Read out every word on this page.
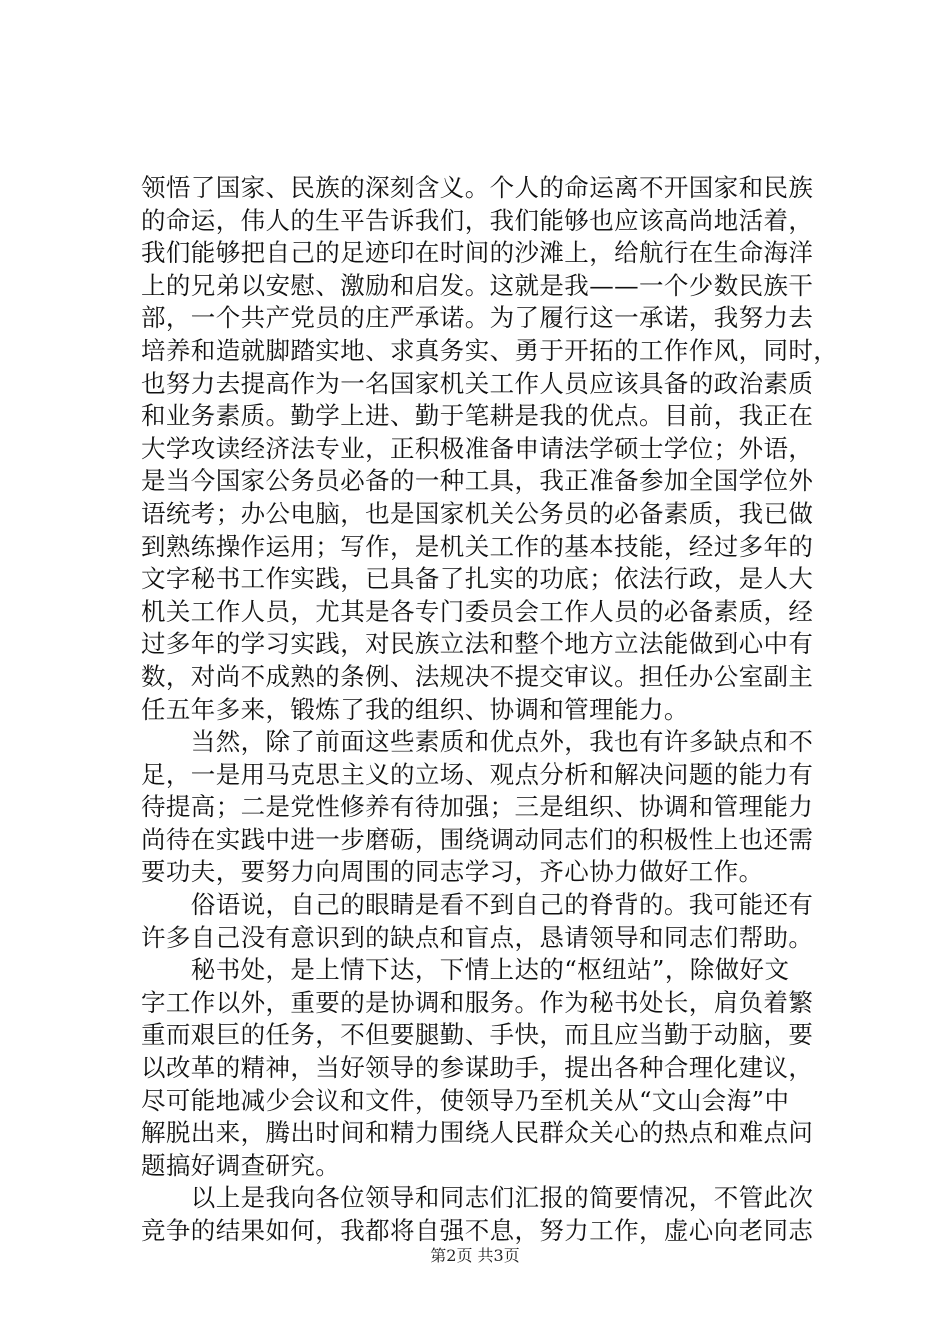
领悟了国家、民族的深刻含义。个人的命运离不开国家和民族
的命运，伟人的生平告诉我们，我们能够也应该高尚地活着，
我们能够把自己的足迹印在时间的沙滩上，给航行在生命海洋
上的兄弟以安慰、激励和启发。这就是我——一个少数民族干
部，一个共产党员的庄严承诺。为了履行这一承诺，我努力去
培养和造就脚踏实地、求真务实、勇于开拓的工作作风，同时，
也努力去提高作为一名国家机关工作人员应该具备的政治素质
和业务素质。勤学上进、勤于笔耕是我的优点。目前，我正在
大学攻读经济法专业，正积极准备申请法学硕士学位；外语，
是当今国家公务员必备的一种工具，我正准备参加全国学位外
语统考；办公电脑，也是国家机关公务员的必备素质，我已做
到熟练操作运用；写作，是机关工作的基本技能，经过多年的
文字秘书工作实践，已具备了扎实的功底；依法行政，是人大
机关工作人员，尤其是各专门委员会工作人员的必备素质，经
过多年的学习实践，对民族立法和整个地方立法能做到心中有
数，对尚不成熟的条例、法规决不提交审议。担任办公室副主
任五年多来，锻炼了我的组织、协调和管理能力。
　　当然，除了前面这些素质和优点外，我也有许多缺点和不
足，一是用马克思主义的立场、观点分析和解决问题的能力有
待提高；二是党性修养有待加强；三是组织、协调和管理能力
尚待在实践中进一步磨砺，围绕调动同志们的积极性上也还需
要功夫，要努力向周围的同志学习，齐心协力做好工作。
　　俗语说，自己的眼睛是看不到自己的脊背的。我可能还有
许多自己没有意识到的缺点和盲点，恳请领导和同志们帮助。
　　秘书处，是上情下达，下情上达的“枢纽站”，除做好文
字工作以外，重要的是协调和服务。作为秘书处长，肩负着繁
重而艰巨的任务，不但要腿勤、手快，而且应当勤于动脑，要
以改革的精神，当好领导的参谋助手，提出各种合理化建议，
尽可能地减少会议和文件，使领导乃至机关从“文山会海”中
解脱出来，腾出时间和精力围绕人民群众关心的热点和难点问
题搞好调查研究。
　　以上是我向各位领导和同志们汇报的简要情况，不管此次
竞争的结果如何，我都将自强不息，努力工作，虚心向老同志
第2页 共3页
